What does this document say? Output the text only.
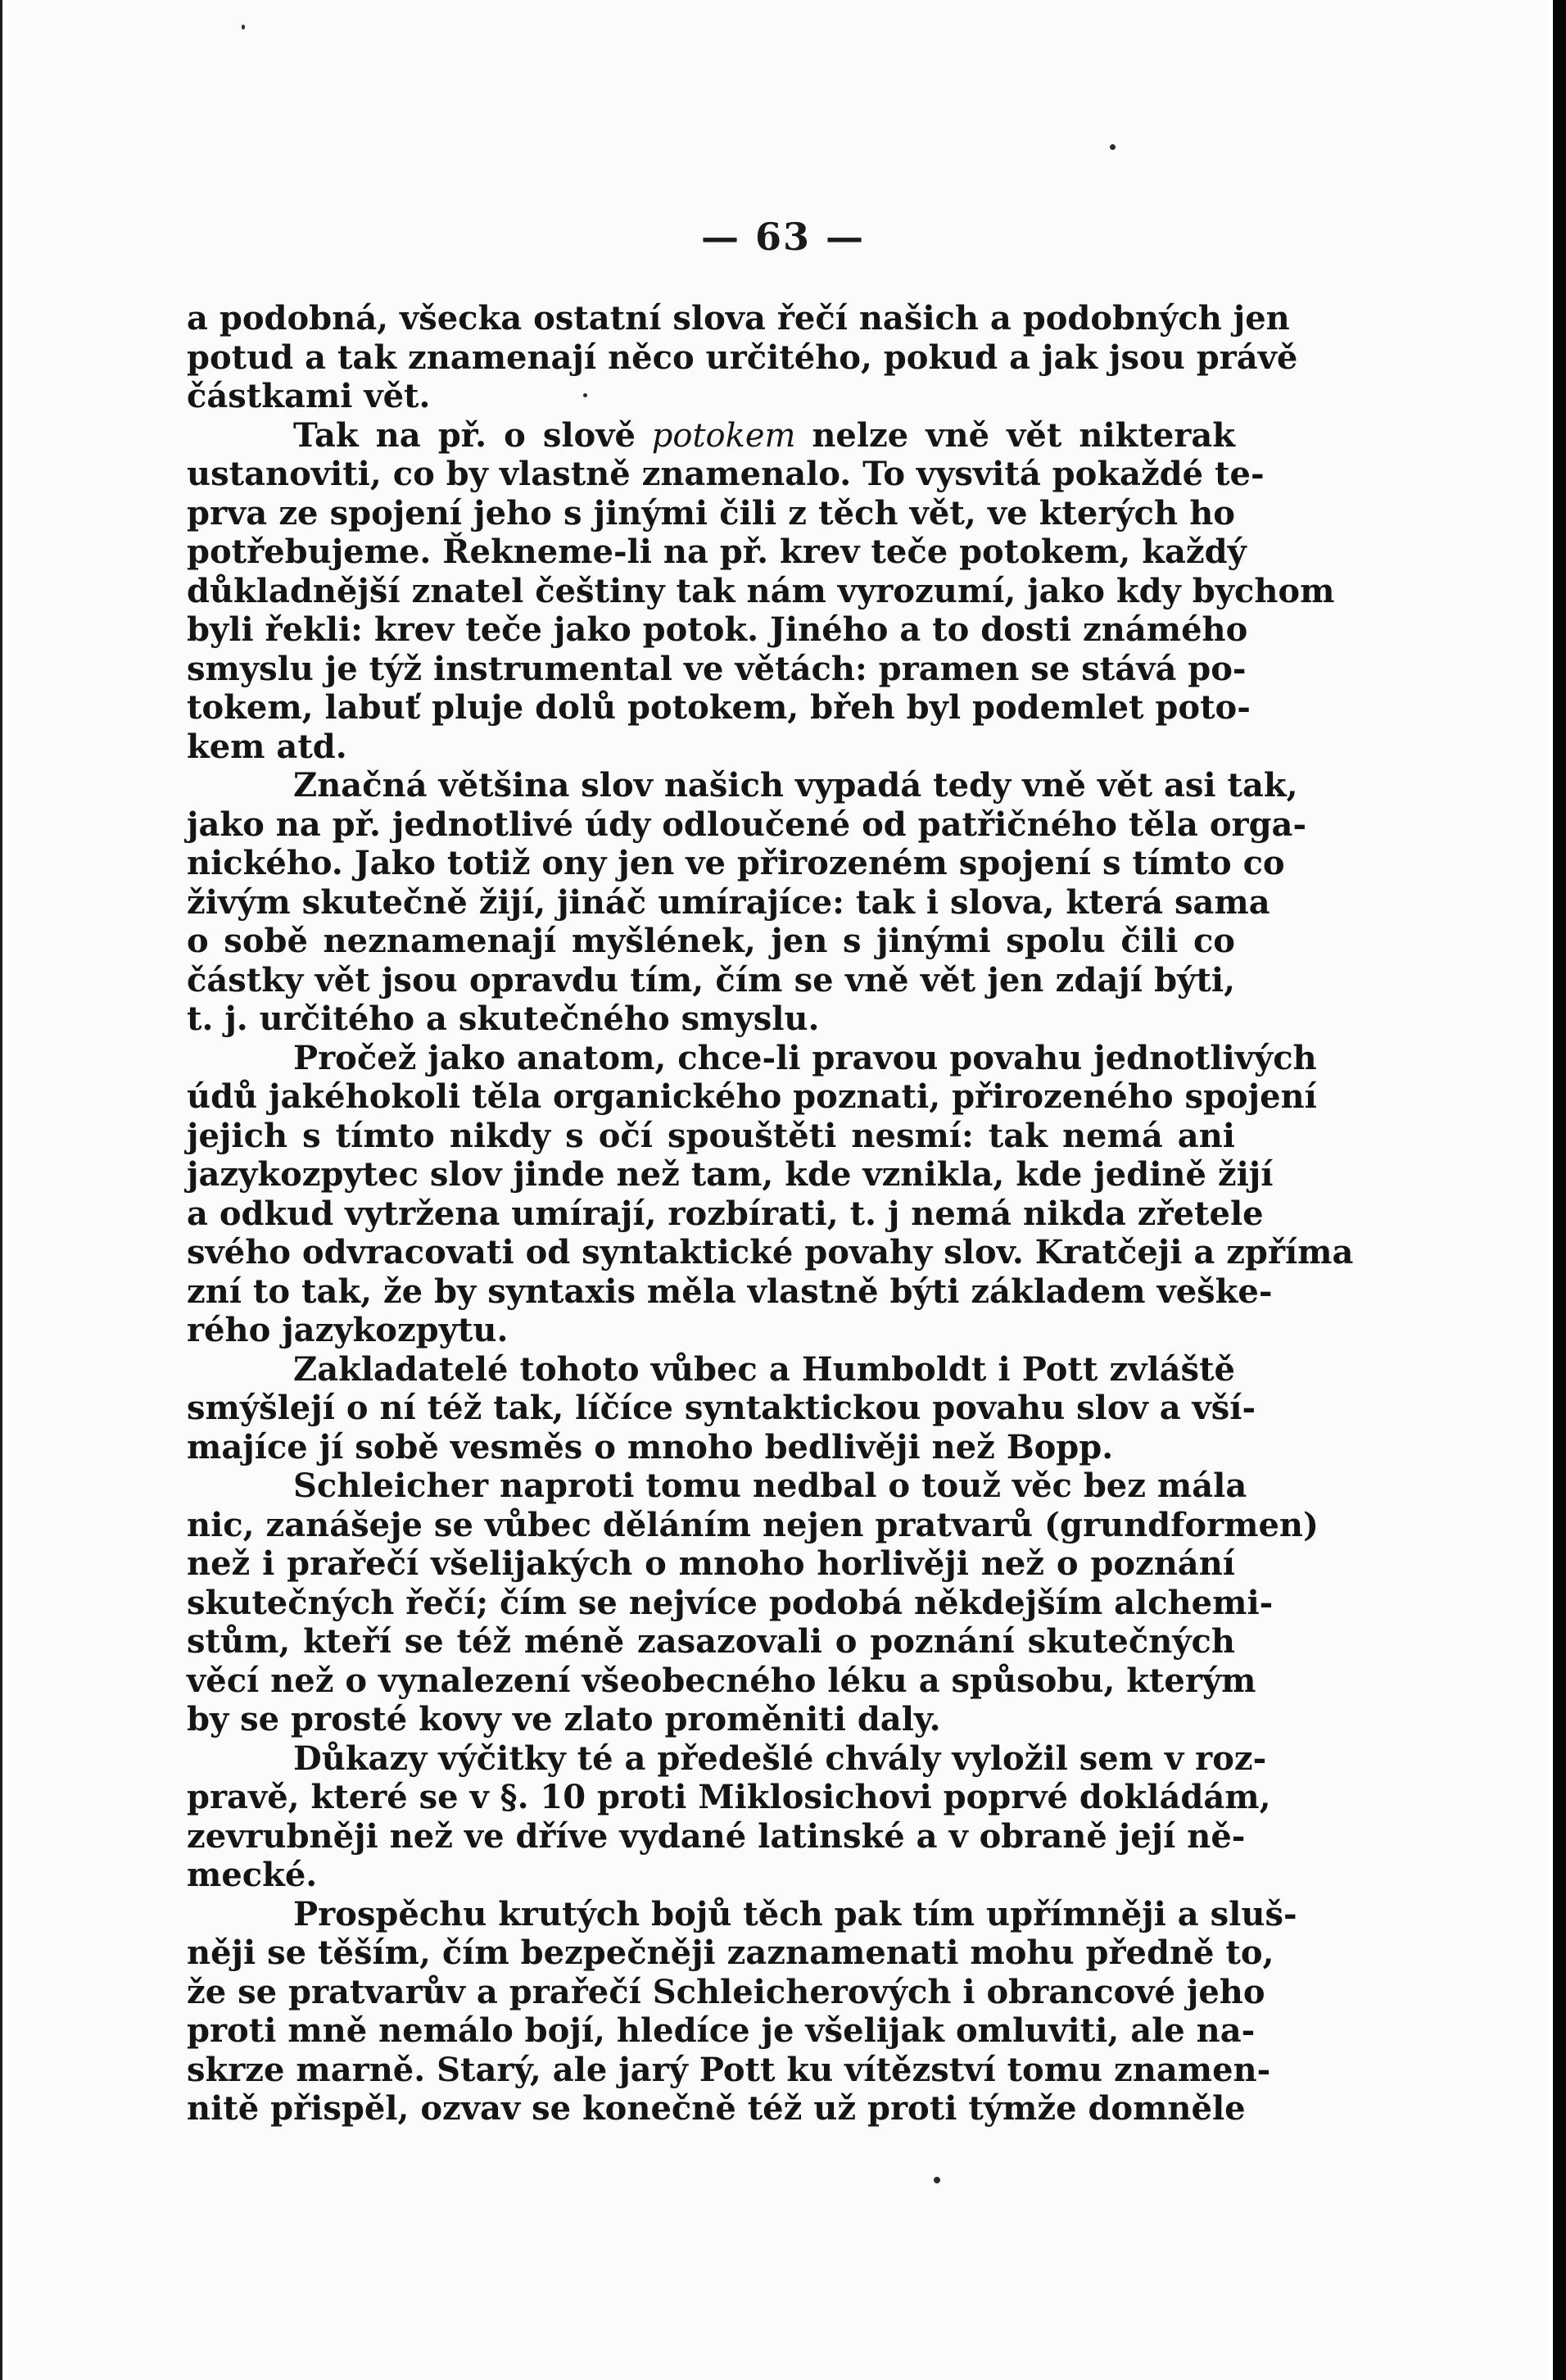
— 63 —
a podobná, všecka ostatní slova řečí našich a podobných jen
potud a tak znamenají něco určitého, pokud a jak jsou právě
částkami vět.
Tak na př. o slově potokem nelze vně vět nikterak
ustanoviti, co by vlastně znamenalo. To vysvitá pokaždé te-
prva ze spojení jeho s jinými čili z těch vět, ve kterých ho
potřebujeme. Řekneme-li na př. krev teče potokem, každý
důkladnější znatel češtiny tak nám vyrozumí, jako kdy bychom
byli řekli: krev teče jako potok. Jiného a to dosti známého
smyslu je týž instrumental ve větách: pramen se stává po-
tokem, labuť pluje dolů potokem, břeh byl podemlet poto-
kem atd.
Značná většina slov našich vypadá tedy vně vět asi tak,
jako na př. jednotlivé údy odloučené od patřičného těla orga-
nického. Jako totiž ony jen ve přirozeném spojení s tímto co
živým skutečně žijí, jináč umírajíce: tak i slova, která sama
o sobě neznamenají myšlének, jen s jinými spolu čili co
částky vět jsou opravdu tím, čím se vně vět jen zdají býti,
t. j. určitého a skutečného smyslu.
Pročež jako anatom, chce-li pravou povahu jednotlivých
údů jakéhokoli těla organického poznati, přirozeného spojení
jejich s tímto nikdy s očí spouštěti nesmí: tak nemá ani
jazykozpytec slov jinde než tam, kde vznikla, kde jedině žijí
a odkud vytržena umírají, rozbírati, t. j nemá nikda zřetele
svého odvracovati od syntaktické povahy slov. Kratčeji a zpříma
zní to tak, že by syntaxis měla vlastně býti základem veške-
rého jazykozpytu.
Zakladatelé tohoto vůbec a Humboldt i Pott zvláště
smýšlejí o ní též tak, líčíce syntaktickou povahu slov a vší-
majíce jí sobě vesměs o mnoho bedlivěji než Bopp.
Schleicher naproti tomu nedbal o touž věc bez mála
nic, zanášeje se vůbec děláním nejen pratvarů (grundformen)
než i prařečí všelijakých o mnoho horlivěji než o poznání
skutečných řečí; čím se nejvíce podobá někdejším alchemi-
stům, kteří se též méně zasazovali o poznání skutečných
věcí než o vynalezení všeobecného léku a spůsobu, kterým
by se prosté kovy ve zlato proměniti daly.
Důkazy výčitky té a předešlé chvály vyložil sem v roz-
pravě, které se v §. 10 proti Miklosichovi poprvé dokládám,
zevrubněji než ve dříve vydané latinské a v obraně její ně-
mecké.
Prospěchu krutých bojů těch pak tím upřímněji a sluš-
něji se těším, čím bezpečněji zaznamenati mohu předně to,
že se pratvarův a prařečí Schleicherových i obrancové jeho
proti mně nemálo bojí, hledíce je všelijak omluviti, ale na-
skrze marně. Starý, ale jarý Pott ku vítězství tomu znamen-
nitě přispěl, ozvav se konečně též už proti týmže domněle
